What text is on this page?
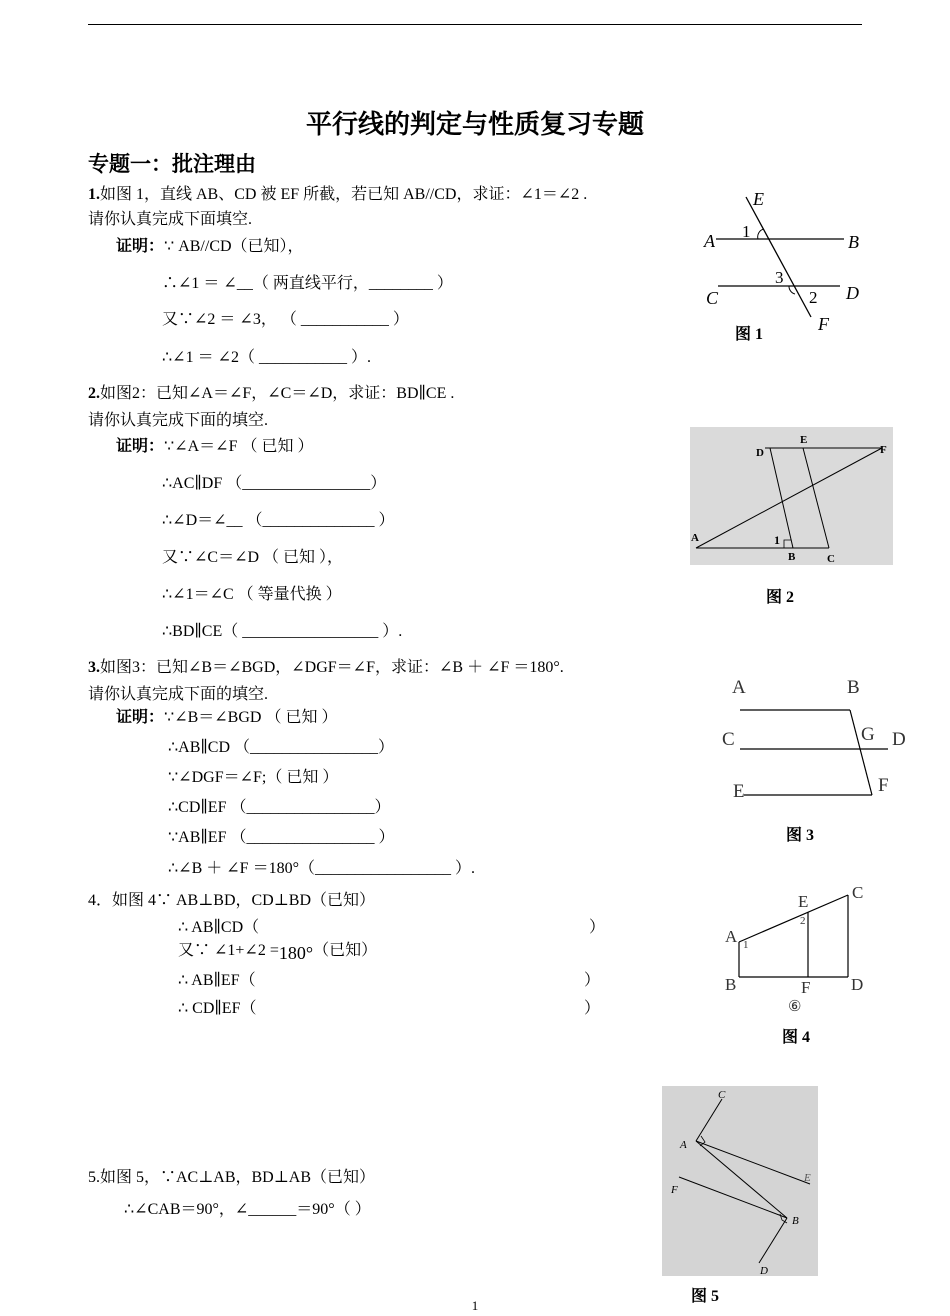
平行线的判定与性质复习专题
专题一：批注理由
1.如图 1，直线 AB、CD 被 EF 所截，若已知 AB//CD，求证：∠1＝∠2 .
请你认真完成下面填空.
证明：∵ AB//CD（已知），
∴∠1 ＝ ∠__（ 两直线平行，________ ）
又∵∠2 ＝ ∠3， （ ___________ ）
∴∠1 ＝ ∠2（ ___________ ）.
E
A 1
B
3
C	2 D
F
图 1
2.如图2：已知∠A＝∠F，∠C＝∠D，求证：BD∥CE .
请你认真完成下面的填空.
证明：∵∠A＝∠F （ 已知 ）
∴AC∥DF （________________）
∴∠D＝∠__ （______________ ）
又∵∠C＝∠D （ 已知 ），
∴∠1＝∠C （ 等量代换 ）
∴BD∥CE（ _________________ ）.
D
E
F
A	1
B	C
图 2
3.如图3：已知∠B＝∠BGD，∠DGF＝∠F，求证：∠B ＋ ∠F ＝180°.
请你认真完成下面的填空.
证明：∵∠B＝∠BGD （ 已知 ）
∴AB∥CD （________________）
∵∠DGF＝∠F;（ 已知 ）
∴CD∥EF （________________）
∵AB∥EF （________________ ）
∴∠B ＋ ∠F ＝180°（_________________ ）.
A	B
C	G D
E	F
图 3
4．如图 4∵ AB⊥BD，CD⊥BD（已知）
∴ AB∥CD（	）
又∵ ∠1+∠2 =180°（已知）
∴ AB∥EF（	）
∴ CD∥EF（	）
C
E
2
A 1
B	F D
⑥
图 4
5.如图 5，∵AC⊥AB，BD⊥AB（已知）
∴∠CAB＝90°，∠______＝90°（ ）
C
A
E
F
B
D
图 5
1
